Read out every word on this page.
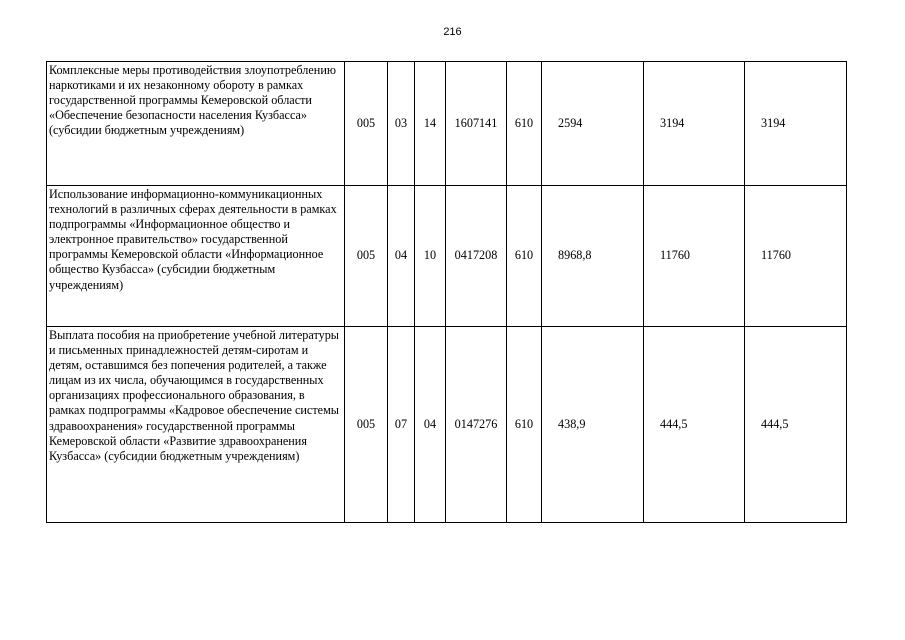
216
Комплексные меры противодействия злоупотреблению наркотиками и их незаконному обороту в рамках государственной программы Кемеровской области «Обеспечение безопасности населения Кузбасса» (субсидии бюджетным учреждениям)	005	03	14	1607141	610	2594	3194	3194
Использование информационно-коммуникационных технологий в различных сферах деятельности в рамках подпрограммы «Информационное общество и электронное правительство» государственной программы Кемеровской области «Информационное общество Кузбасса» (субсидии бюджетным учреждениям)	005	04	10	0417208	610	8968,8	11760	11760
Выплата пособия на приобретение учебной литературы и письменных принадлежностей детям-сиротам и детям, оставшимся без попечения родителей, а также лицам из их числа, обучающимся в государственных организациях профессионального образования, в рамках подпрограммы «Кадровое обеспечение системы здравоохранения» государственной программы Кемеровской области «Развитие здравоохранения Кузбасса» (субсидии бюджетным учреждениям)	005	07	04	0147276	610	438,9	444,5	444,5
